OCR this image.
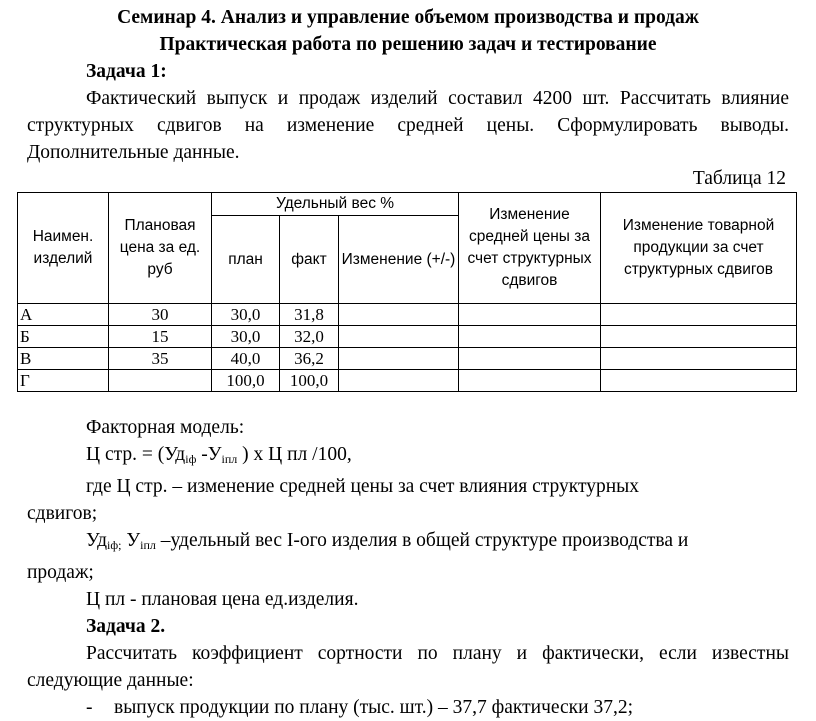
Семинар 4. Анализ и управление объемом производства и продаж
Практическая работа по решению задач и тестирование
Задача 1:
Фактический выпуск и продаж изделий составил 4200 шт. Рассчитать влияние структурных сдвигов на изменение средней цены. Сформулировать выводы. Дополнительные данные.
Таблица 12
Наимен. изделий	Плановая цена за ед. руб	Удельный вес %			Изменение средней цены за счет структурных сдвигов	Изменение товарной продукции за счет структурных сдвигов
		план	факт	Изменение (+/-)		
А	30	30,0	31,8			
Б	15	30,0	32,0			
В	35	40,0	36,2			
Г		100,0	100,0			
Факторная модель:
Ц стр. = ($Уд_{іф}$ $-У_{іпл}$ ) х Ц пл /100,
где Ц стр. – изменение средней цены за счет влияния структурных
сдвигов;
$Уд_{іф;}$ $У_{іпл}$ –удельный вес I-ого изделия в общей структуре производства и
продаж;
Ц пл - плановая цена ед.изделия.
Задача 2.
Рассчитать коэффициент сортности по плану и фактически, если известны следующие данные:
- выпуск продукции по плану (тыс. шт.) – 37,7 фактически 37,2;
